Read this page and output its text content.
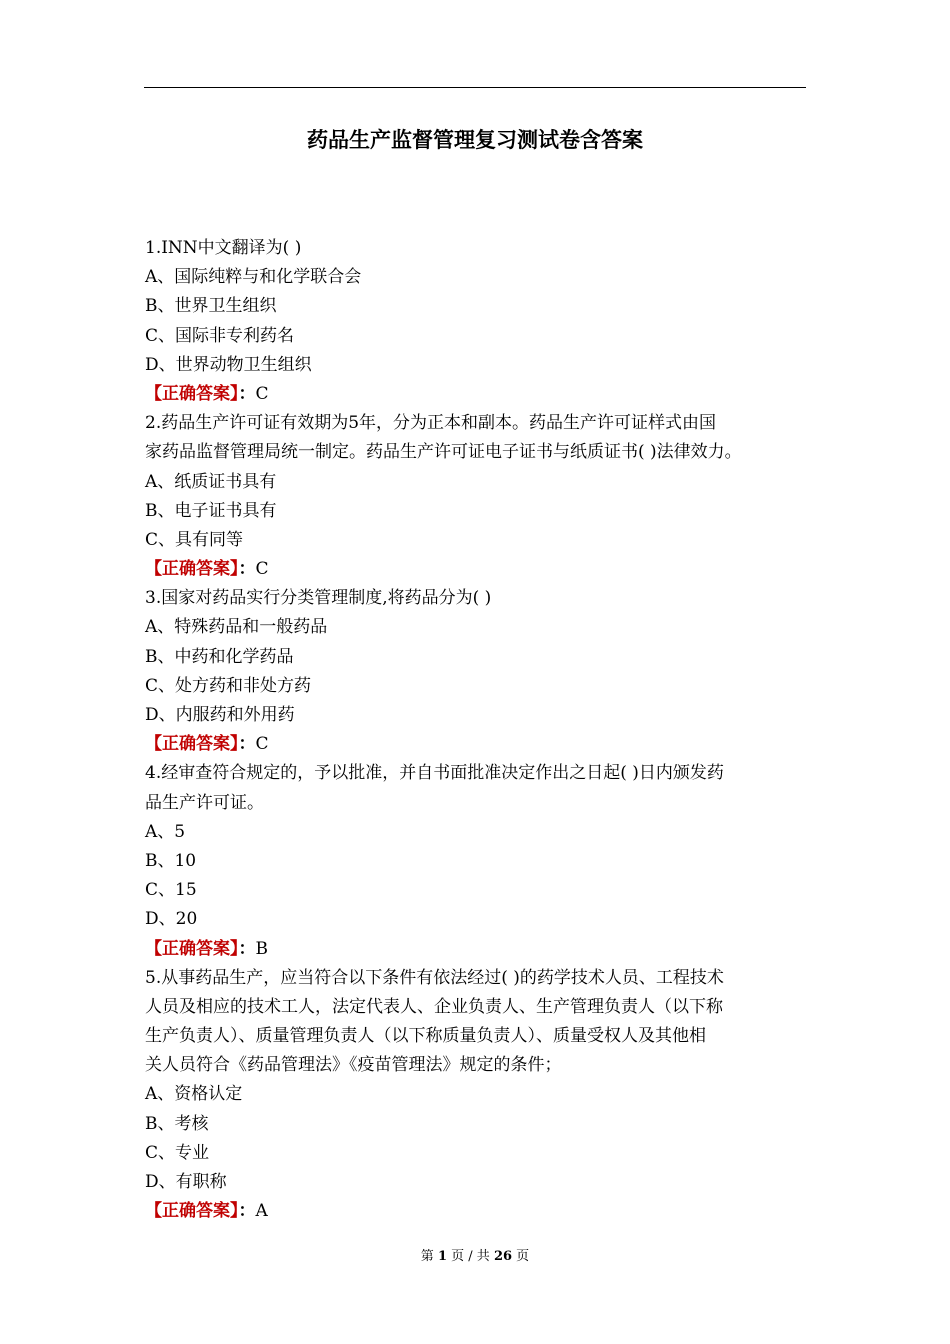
药品生产监督管理复习测试卷含答案
1.INN中文翻译为( )
A、国际纯粹与和化学联合会
B、世界卫生组织
C、国际非专利药名
D、世界动物卫生组织
【正确答案】：C
2.药品生产许可证有效期为5年，分为正本和副本。药品生产许可证样式由国
家药品监督管理局统一制定。药品生产许可证电子证书与纸质证书( )法律效力。
A、纸质证书具有
B、电子证书具有
C、具有同等
【正确答案】：C
3.国家对药品实行分类管理制度,将药品分为( )
A、特殊药品和一般药品
B、中药和化学药品
C、处方药和非处方药
D、内服药和外用药
【正确答案】：C
4.经审查符合规定的，予以批准，并自书面批准决定作出之日起( )日内颁发药
品生产许可证。
A、5
B、10
C、15
D、20
【正确答案】：B
5.从事药品生产，应当符合以下条件有依法经过( )的药学技术人员、工程技术
人员及相应的技术工人，法定代表人、企业负责人、生产管理负责人（以下称
生产负责人）、质量管理负责人（以下称质量负责人）、质量受权人及其他相
关人员符合《药品管理法》《疫苗管理法》规定的条件；
A、资格认定
B、考核
C、专业
D、有职称
【正确答案】：A
第 1 页 / 共 26 页
